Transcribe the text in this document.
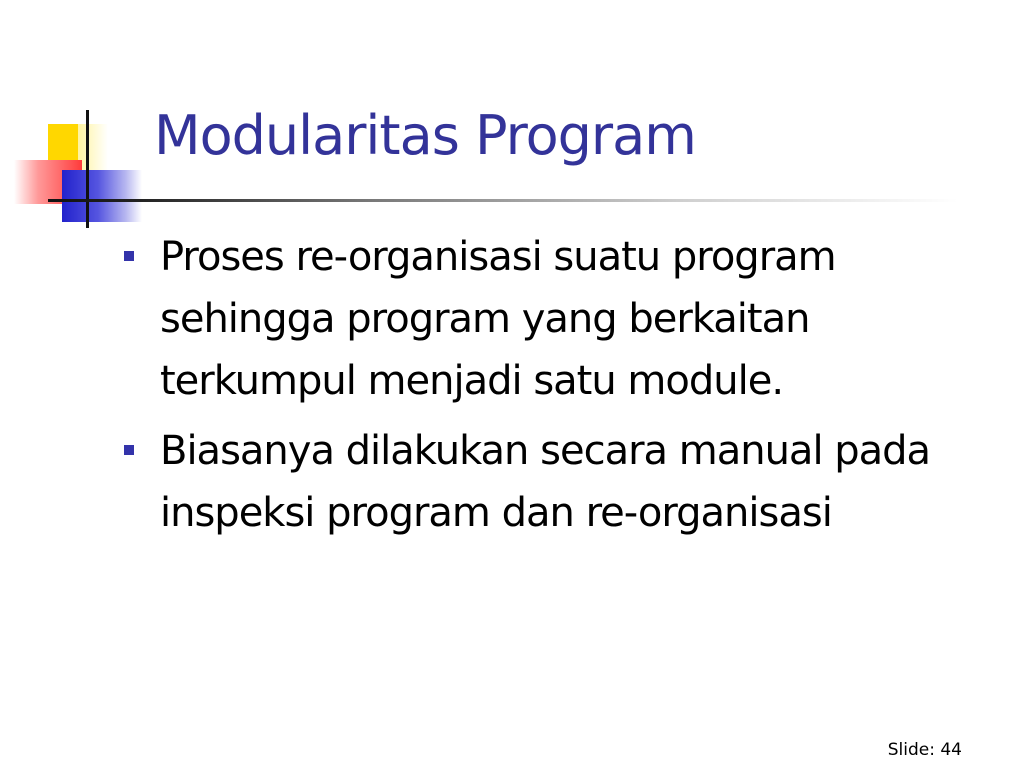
Modularitas Program
Proses re-organisasi suatu program sehingga program yang berkaitan terkumpul menjadi satu module.
Biasanya dilakukan secara manual pada inspeksi program dan re-organisasi
Slide: 44
